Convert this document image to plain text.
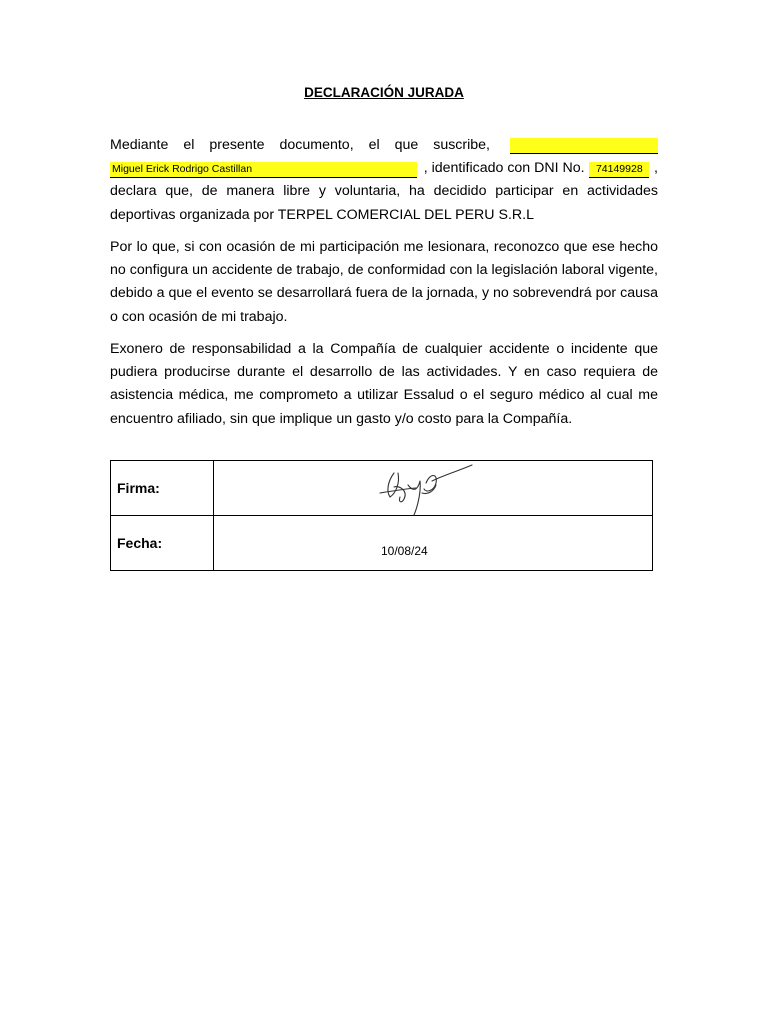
DECLARACIÓN JURADA
Mediante el presente documento, el que suscribe,
Miguel Erick Rodrigo Castillan	, identificado con DNI No.	74149928 ,
declara que, de manera libre y voluntaria, ha decidido participar en actividades
deportivas organizada por TERPEL COMERCIAL DEL PERU S.R.L
Por lo que, si con ocasión de mi participación me lesionara, reconozco que ese hecho no configura un accidente de trabajo, de conformidad con la legislación laboral vigente, debido a que el evento se desarrollará fuera de la jornada, y no sobrevendrá por causa o con ocasión de mi trabajo.
Exonero de responsabilidad a la Compañía de cualquier accidente o incidente que pudiera producirse durante el desarrollo de las actividades. Y en caso requiera de asistencia médica, me comprometo a utilizar Essalud o el seguro médico al cual me encuentro afiliado, sin que implique un gasto y/o costo para la Compañía.
Firma:	

Fecha:	10/08/24
